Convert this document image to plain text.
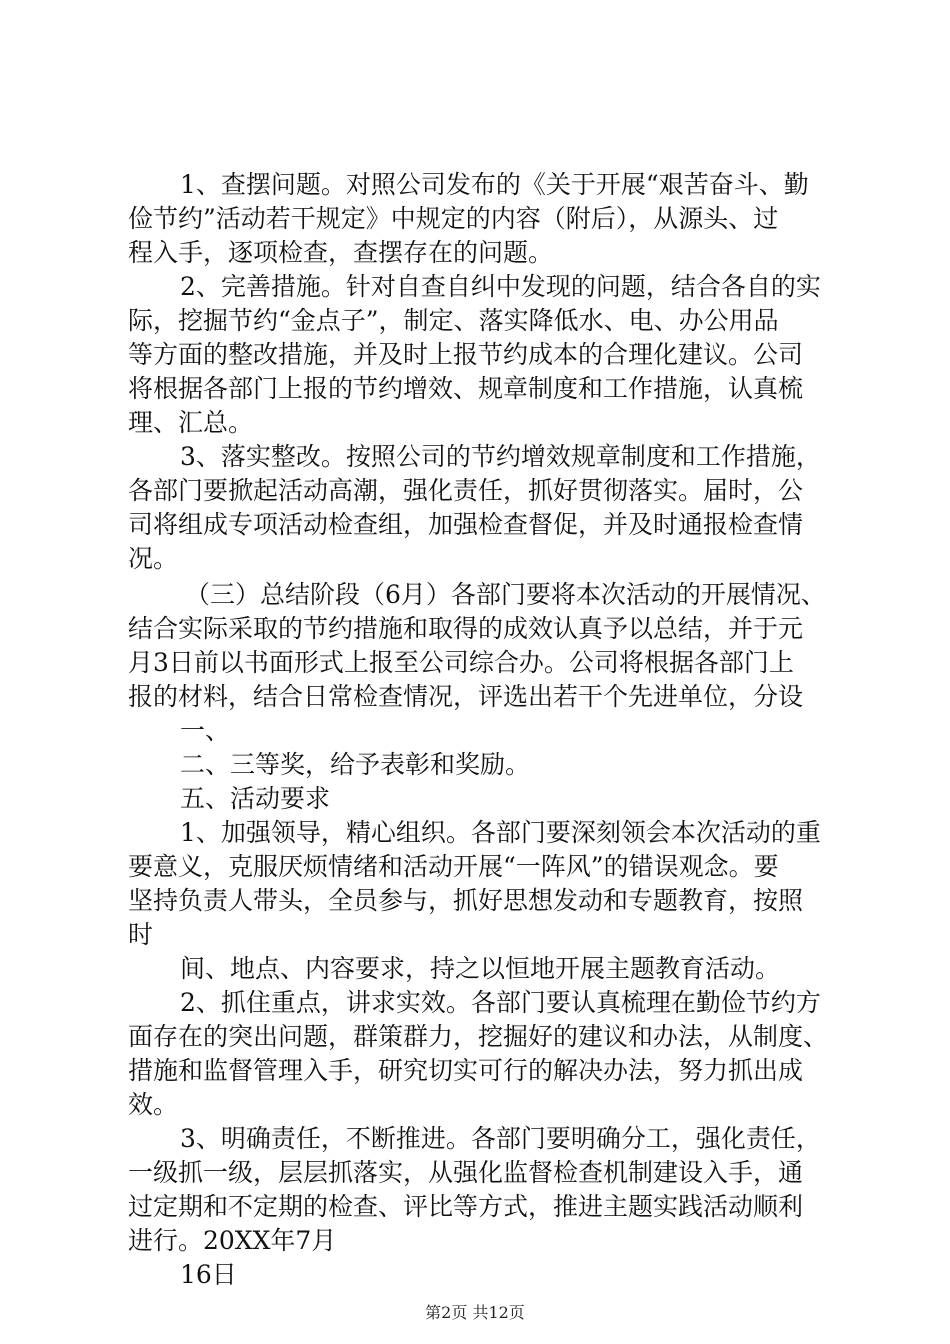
1、查摆问题。对照公司发布的《关于开展“艰苦奋斗、勤
俭节约”活动若干规定》中规定的内容（附后），从源头、过
程入手，逐项检查，查摆存在的问题。
2、完善措施。针对自查自纠中发现的问题，结合各自的实
际，挖掘节约“金点子”，制定、落实降低水、电、办公用品
等方面的整改措施，并及时上报节约成本的合理化建议。公司
将根据各部门上报的节约增效、规章制度和工作措施，认真梳
理、汇总。
3、落实整改。按照公司的节约增效规章制度和工作措施，
各部门要掀起活动高潮，强化责任，抓好贯彻落实。届时，公
司将组成专项活动检查组，加强检查督促，并及时通报检查情
况。
（三）总结阶段（6月）各部门要将本次活动的开展情况、
结合实际采取的节约措施和取得的成效认真予以总结，并于元
月3日前以书面形式上报至公司综合办。公司将根据各部门上
报的材料，结合日常检查情况，评选出若干个先进单位，分设
一、
二、三等奖，给予表彰和奖励。
五、活动要求
1、加强领导，精心组织。各部门要深刻领会本次活动的重
要意义，克服厌烦情绪和活动开展“一阵风”的错误观念。要
坚持负责人带头，全员参与，抓好思想发动和专题教育，按照
时
间、地点、内容要求，持之以恒地开展主题教育活动。
2、抓住重点，讲求实效。各部门要认真梳理在勤俭节约方
面存在的突出问题，群策群力，挖掘好的建议和办法，从制度、
措施和监督管理入手，研究切实可行的解决办法，努力抓出成
效。
3、明确责任，不断推进。各部门要明确分工，强化责任，
一级抓一级，层层抓落实，从强化监督检查机制建设入手，通
过定期和不定期的检查、评比等方式，推进主题实践活动顺利
进行。20XX年7月
16日
第2页 共12页
